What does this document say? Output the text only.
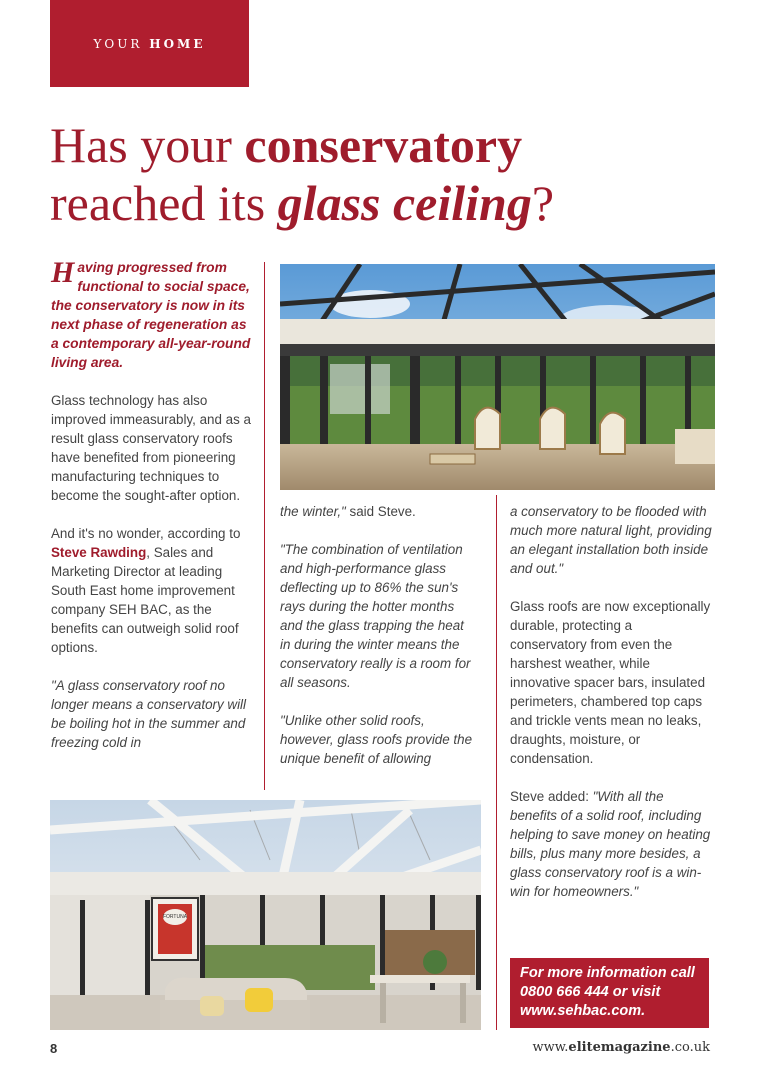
YOUR HOME
Has your conservatory
reached its glass ceiling?

Having progressed from functional to social space, the conservatory is now in its next phase of regeneration as a contemporary all-year-round living area.

Glass technology has also improved immeasurably, and as a result glass conservatory roofs have benefited from pioneering manufacturing techniques to become the sought-after option.

And it's no wonder, according to Steve Rawding, Sales and Marketing Director at leading South East home improvement company SEH BAC, as the benefits can outweigh solid roof options.

"A glass conservatory roof no longer means a conservatory will be boiling hot in the summer and freezing cold in

the winter," said Steve.

"The combination of ventilation and high-performance glass deflecting up to 86% the sun's rays during the hotter months and the glass trapping the heat in during the winter means the conservatory really is a room for all seasons.

"Unlike other solid roofs, however, glass roofs provide the unique benefit of allowing

a conservatory to be flooded with much more natural light, providing an elegant installation both inside and out."

Glass roofs are now exceptionally durable, protecting a conservatory from even the harshest weather, while innovative spacer bars, insulated perimeters, chambered top caps and trickle vents mean no leaks, draughts, moisture, or condensation.

Steve added: "With all the benefits of a solid roof, including helping to save money on heating bills, plus many more besides, a glass conservatory roof is a win-win for homeowners."

FORTUNA
For more information call 0800 666 444 or visit www.sehbac.com.
8	www.elitemagazine.co.uk
